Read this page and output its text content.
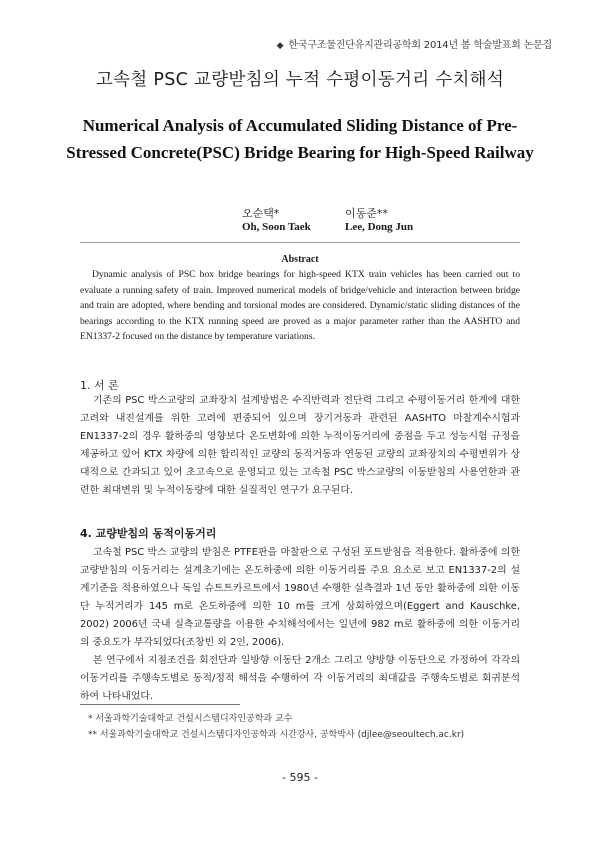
◆ 한국구조물진단유지관리공학회 2014년 봄 학술발표회 논문집
고속철 PSC 교량받침의 누적 수평이동거리 수치해석
Numerical Analysis of Accumulated Sliding Distance of Pre-Stressed Concrete(PSC) Bridge Bearing for High-Speed Railway
오순택*	이동준**
Oh, Soon Taek	Lee, Dong Jun
Abstract

Dynamic analysis of PSC box bridge bearings for high-speed KTX train vehicles has been carried out to evaluate a running safety of train. Improved numerical models of bridge/vehicle and interaction between bridge and train are adopted, where bending and torsional modes are considered. Dynamic/static sliding distances of the bearings according to the KTX running speed are proved as a major parameter rather than the AASHTO and EN1337-2 focused on the distance by temperature variations.

1. 서 론

기존의 PSC 박스교량의 교좌장치 설계방법은 수직반력과 전단력 그리고 수평이동거리 한계에 대한 고려와 내진설계를 위한 고려에 편중되어 있으며 장기거동과 관련된 AASHTO 마찰계수시험과 EN1337-2의 경우 활하중의 영향보다 온도변화에 의한 누적이동거리에 중점을 두고 성능시험 규정을 제공하고 있어 KTX 차량에 의한 합리적인 교량의 동적거동과 연동된 교량의 교좌장치의 수평변위가 상대적으로 간과되고 있어 초고속으로 운영되고 있는 고속철 PSC 박스교량의 이동받침의 사용연한과 관련한 최대변위 및 누적이동량에 대한 실질적인 연구가 요구된다.

4. 교량받침의 동적이동거리

고속철 PSC 박스 교량의 받침은 PTFE판을 마찰판으로 구성된 포트받침을 적용한다. 활하중에 의한 교량받침의 이동거리는 설계초기에는 온도하중에 의한 이동거리를 주요 요소로 보고 EN1337-2의 설계기준을 적용하였으나 독일 슈트트카르트에서 1980년 수행한 실측결과 1년 동안 활하중에 의한 이동단 누적거리가 145 m로 온도하중에 의한 10 m를 크게 상회하였으며(Eggert and Kauschke, 2002) 2006년 국내 실측교통량을 이용한 수치해석에서는 일년에 982 m로 활하중에 의한 이동거리의 중요도가 부각되었다(조창빈 외 2인, 2006).

본 연구에서 지점조건을 회전단과 일방향 이동단 2개소 그리고 양방향 이동단으로 가정하여 각각의 이동거리를 주행속도별로 동적/정적 해석을 수행하여 각 이동거리의 최대값을 주행속도별로 회귀분석하여 나타내었다.

* 서울과학기술대학교 건설시스템디자인공학과 교수
** 서울과학기술대학교 건설시스템디자인공학과 시간강사, 공학박사 (djlee@seoultech.ac.kr)
- 595 -
